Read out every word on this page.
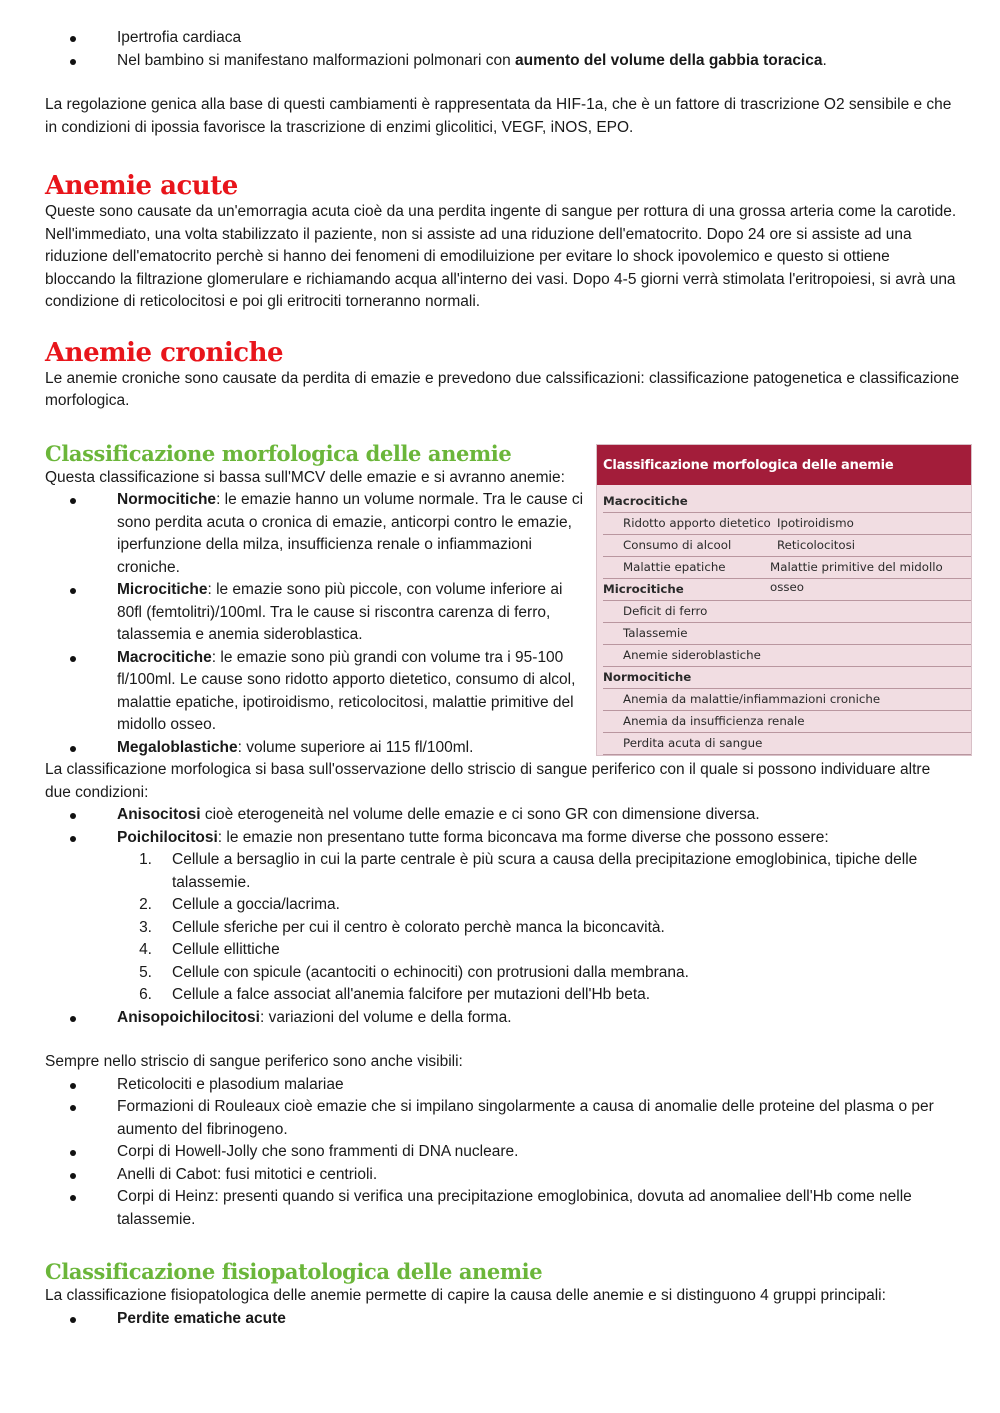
Ipertrofia cardiaca
Nel bambino si manifestano malformazioni polmonari con aumento del volume della gabbia toracica.

La regolazione genica alla base di questi cambiamenti è rappresentata da HIF-1a, che è un fattore di trascrizione O2 sensibile e che in condizioni di ipossia favorisce la trascrizione di enzimi glicolitici, VEGF, iNOS, EPO.

Anemie acute

Queste sono causate da un'emorragia acuta cioè da una perdita ingente di sangue per rottura di una grossa arteria come la carotide. Nell'immediato, una volta stabilizzato il paziente, non si assiste ad una riduzione dell'ematocrito. Dopo 24 ore si assiste ad una riduzione dell'ematocrito perchè si hanno dei fenomeni di emodiluizione per evitare lo shock ipovolemico e questo si ottiene bloccando la filtrazione glomerulare e richiamando acqua all'interno dei vasi. Dopo 4-5 giorni verrà stimolata l'eritropoiesi, si avrà una condizione di reticolocitosi e poi gli eritrociti torneranno normali.

Anemie croniche

Le anemie croniche sono causate da perdita di emazie e prevedono due calssificazioni: classificazione patogenetica e classificazione morfologica.

Classificazione morfologica delle anemie

Questa classificazione si bassa sull'MCV delle emazie e si avranno anemie:

Normocitiche: le emazie hanno un volume normale. Tra le cause ci sono perdita acuta o cronica di emazie, anticorpi contro le emazie, iperfunzione della milza, insufficienza renale o infiammazioni croniche.
Microcitiche: le emazie sono più piccole, con volume inferiore ai 80fl (femtolitri)/100ml. Tra le cause si riscontra carenza di ferro, talassemia e anemia sideroblastica.
Macrocitiche: le emazie sono più grandi con volume tra i 95-100 fl/100ml. Le cause sono ridotto apporto dietetico, consumo di alcol, malattie epatiche, ipotiroidismo, reticolocitosi, malattie primitive del midollo osseo.
Megaloblastiche: volume superiore ai 115 fl/100ml.
Classificazione morfologica delle anemie
Macrocitiche
Ridotto apporto dietetico Ipotiroidismo
Consumo di alcool	Reticolocitosi
Malattie epatiche	Malattie primitive del midollo osseo
Microcitiche
Deficit di ferro
Talassemie
Anemie sideroblastiche
Normocitiche
Anemia da malattie/infiammazioni croniche
Anemia da insufficienza renale
Perdita acuta di sangue

La classificazione morfologica si basa sull'osservazione dello striscio di sangue periferico con il quale si possono individuare altre due condizioni:

Anisocitosi cioè eterogeneità nel volume delle emazie e ci sono GR con dimensione diversa.
Poichilocitosi: le emazie non presentano tutte forma biconcava ma forme diverse che possono essere:
1. Cellule a bersaglio in cui la parte centrale è più scura a causa della precipitazione emoglobinica, tipiche delle talassemie.
2. Cellule a goccia/lacrima.
3. Cellule sferiche per cui il centro è colorato perchè manca la biconcavità.
4. Cellule ellittiche
5. Cellule con spicule (acantociti o echinociti) con protrusioni dalla membrana.
6. Cellule a falce associat all'anemia falcifore per mutazioni dell'Hb beta.
Anisopoichilocitosi: variazioni del volume e della forma.

Sempre nello striscio di sangue periferico sono anche visibili:

Reticolociti e plasodium malariae
Formazioni di Rouleaux cioè emazie che si impilano singolarmente a causa di anomalie delle proteine del plasma o per aumento del fibrinogeno.
Corpi di Howell-Jolly che sono frammenti di DNA nucleare.
Anelli di Cabot: fusi mitotici e centrioli.
Corpi di Heinz: presenti quando si verifica una precipitazione emoglobinica, dovuta ad anomaliee dell'Hb come nelle talassemie.
Classificazione fisiopatologica delle anemie

La classificazione fisiopatologica delle anemie permette di capire la causa delle anemie e si distinguono 4 gruppi principali:

Perdite ematiche acute
